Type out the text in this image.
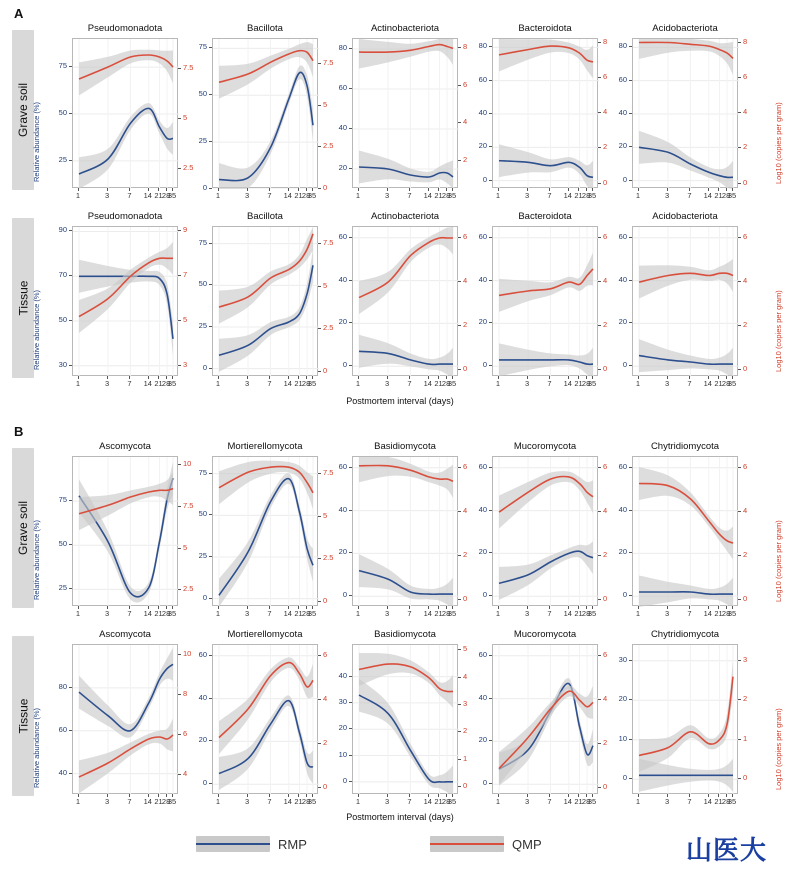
A
B
Grave soil
Tissue
Grave soil
Tissue
Postmortem interval (days)
Postmortem interval (days)
RMP	QMP	山医大
Pseudomonadota
25
50
75
2.5
5
7.5
1	3	7	14 21 28
35
Relative abundance (%)
Bacillota
0
25
50
75
0
2.5
5
7.5
1	3	7	14 21 28
35
Actinobacteriota
20
40
60
80
2
4
6
8
1	3	7	14 21 28
35
Bacteroidota
0
20
40
60
80
0
2
4
6
8
1	3	7	14 21 28
35
Acidobacteriota
0
20
40
60
80
0
2
4
6
8
1	3	7	14 21 28
35
Log10 (copies per gram)
Pseudomonadota
30
50
70
90
3
5
7
9
1	3	7	14 21 28
35
Relative abundance (%)
Bacillota
0
25
50
75
0
2.5
5
7.5
1	3	7	14 21 28
35
Actinobacteriota
0
20
40
60
0
2
4
6
1	3	7	14 21 28
35
Bacteroidota
0
20
40
60
0
2
4
6
1	3	7	14 21 28
35
Acidobacteriota
0
20
40
60
0
2
4
6
1	3	7	14 21 28
35
Log10 (copies per gram)
Ascomycota
25
50
75
2.5
5
7.5
10
1	3	7	14 21 28
35
Relative abundance (%)
Mortierellomycota
0
25
50
75
0
2.5
5
7.5
1	3	7	14 21 28
35
Basidiomycota
0
20
40
60
0
2
4
6
1	3	7	14 21 28
35
Mucoromycota
0
20
40
60
0
2
4
6
1	3	7	14 21 28
35
Chytridiomycota
0
20
40
60
0
2
4
6
1	3	7	14 21 28
35
Log10 (copies per gram)
Ascomycota
40
60
80
4
6
8
10
1	3	7	14 21 28
35
Relative abundance (%)
Mortierellomycota
0
20
40
60
0
2
4
6
1	3	7	14 21 28
35
Basidiomycota
0
10
20
30
40
0
1
2
3
4
5
1	3	7	14 21 28
35
Mucoromycota
0
20
40
60
0
2
4
6
1	3	7	14 21 28
35
Chytridiomycota
0
10
20
30
0
1
2
3
1	3	7	14 21 28
35
Log10 (copies per gram)
